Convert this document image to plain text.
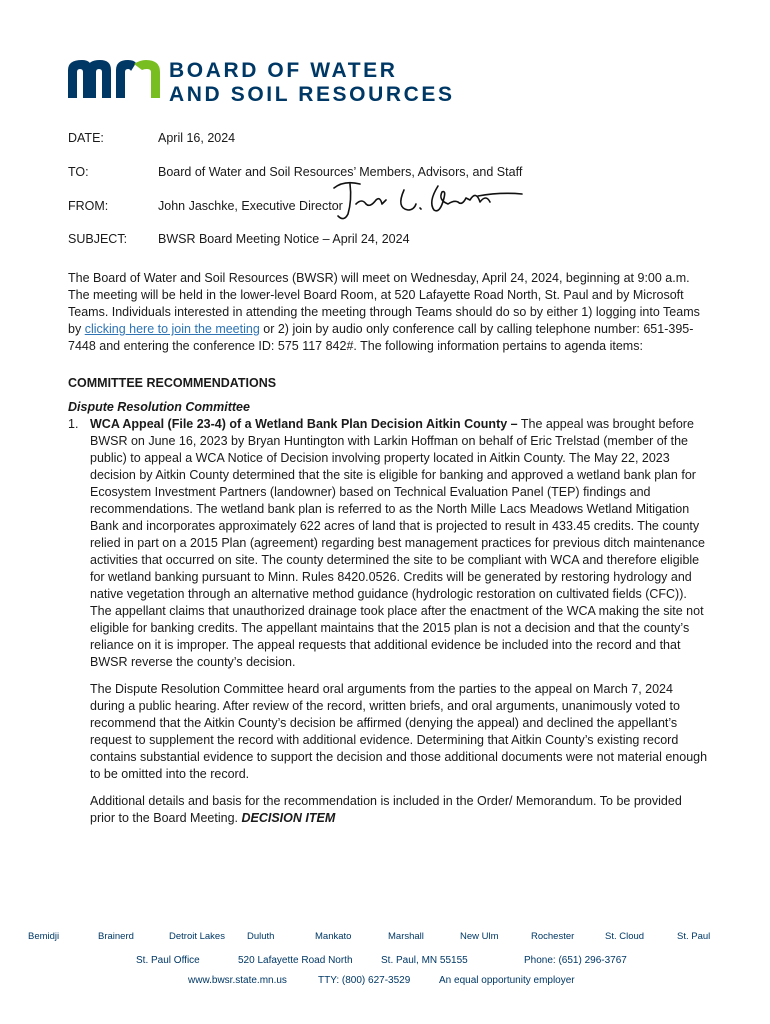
BOARD OF WATER
AND SOIL RESOURCES
DATE:	April 16, 2024
TO:	Board of Water and Soil Resources’ Members, Advisors, and Staff
FROM:	John Jaschke, Executive Director
SUBJECT: BWSR Board Meeting Notice – April 24, 2024

The Board of Water and Soil Resources (BWSR) will meet on Wednesday, April 24, 2024, beginning at 9:00 a.m. The meeting will be held in the lower-level Board Room, at 520 Lafayette Road North, St. Paul and by Microsoft Teams. Individuals interested in attending the meeting through Teams should do so by either 1) logging into Teams by clicking here to join the meeting or 2) join by audio only conference call by calling telephone number: 651-395-7448 and entering the conference ID: 575 117 842#. The following information pertains to agenda items:

COMMITTEE RECOMMENDATIONS

Dispute Resolution Committee

1. WCA Appeal (File 23-4) of a Wetland Bank Plan Decision Aitkin County – The appeal was brought before BWSR on June 16, 2023 by Bryan Huntington with Larkin Hoffman on behalf of Eric Trelstad (member of the public) to appeal a WCA Notice of Decision involving property located in Aitkin County. The May 22, 2023 decision by Aitkin County determined that the site is eligible for banking and approved a wetland bank plan for Ecosystem Investment Partners (landowner) based on Technical Evaluation Panel (TEP) findings and recommendations. The wetland bank plan is referred to as the North Mille Lacs Meadows Wetland Mitigation Bank and incorporates approximately 622 acres of land that is projected to result in 433.45 credits. The county relied in part on a 2015 Plan (agreement) regarding best management practices for previous ditch maintenance activities that occurred on site. The county determined the site to be compliant with WCA and therefore eligible for wetland banking pursuant to Minn. Rules 8420.0526. Credits will be generated by restoring hydrology and native vegetation through an alternative method guidance (hydrologic restoration on cultivated fields (CFC)). The appellant claims that unauthorized drainage took place after the enactment of the WCA making the site not eligible for banking credits. The appellant maintains that the 2015 plan is not a decision and that the county’s reliance on it is improper. The appeal requests that additional evidence be included into the record and that BWSR reverse the county’s decision.

The Dispute Resolution Committee heard oral arguments from the parties to the appeal on March 7, 2024 during a public hearing. After review of the record, written briefs, and oral arguments, unanimously voted to recommend that the Aitkin County’s decision be affirmed (denying the appeal) and declined the appellant’s request to supplement the record with additional evidence. Determining that Aitkin County’s existing record contains substantial evidence to support the decision and those additional documents were not material enough to be omitted into the record.

Additional details and basis for the recommendation is included in the Order/ Memorandum. To be provided prior to the Board Meeting. DECISION ITEM

Bemidji	Brainerd	Detroit Lakes Duluth	Mankato	Marshall	New Ulm	Rochester	St. Cloud	St. Paul
St. Paul Office	520 Lafayette Road North	St. Paul, MN 55155	Phone: (651) 296-3767
www.bwsr.state.mn.us	TTY: (800) 627-3529	An equal opportunity employer
